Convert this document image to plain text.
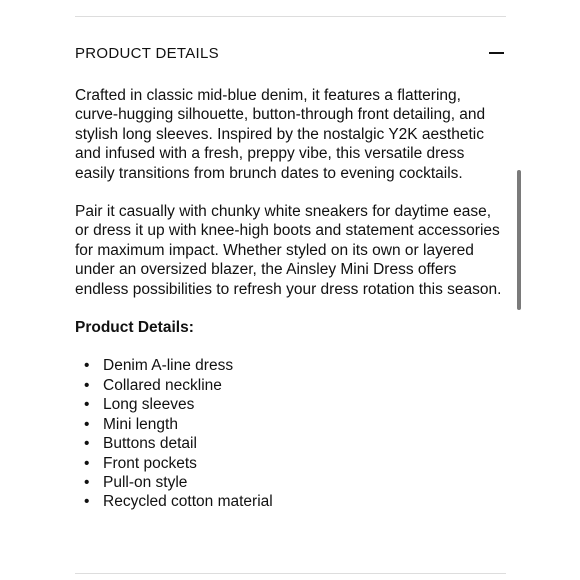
PRODUCT DETAILS

Crafted in classic mid-blue denim, it features a flattering, curve-hugging silhouette, button-through front detailing, and stylish long sleeves. Inspired by the nostalgic Y2K aesthetic and infused with a fresh, preppy vibe, this versatile dress easily transitions from brunch dates to evening cocktails.

Pair it casually with chunky white sneakers for daytime ease, or dress it up with knee-high boots and statement accessories for maximum impact. Whether styled on its own or layered under an oversized blazer, the Ainsley Mini Dress offers endless possibilities to refresh your dress rotation this season.

Product Details:

• Denim A-line dress
• Collared neckline
• Long sleeves
• Mini length
• Buttons detail
• Front pockets
• Pull-on style
• Recycled cotton material
